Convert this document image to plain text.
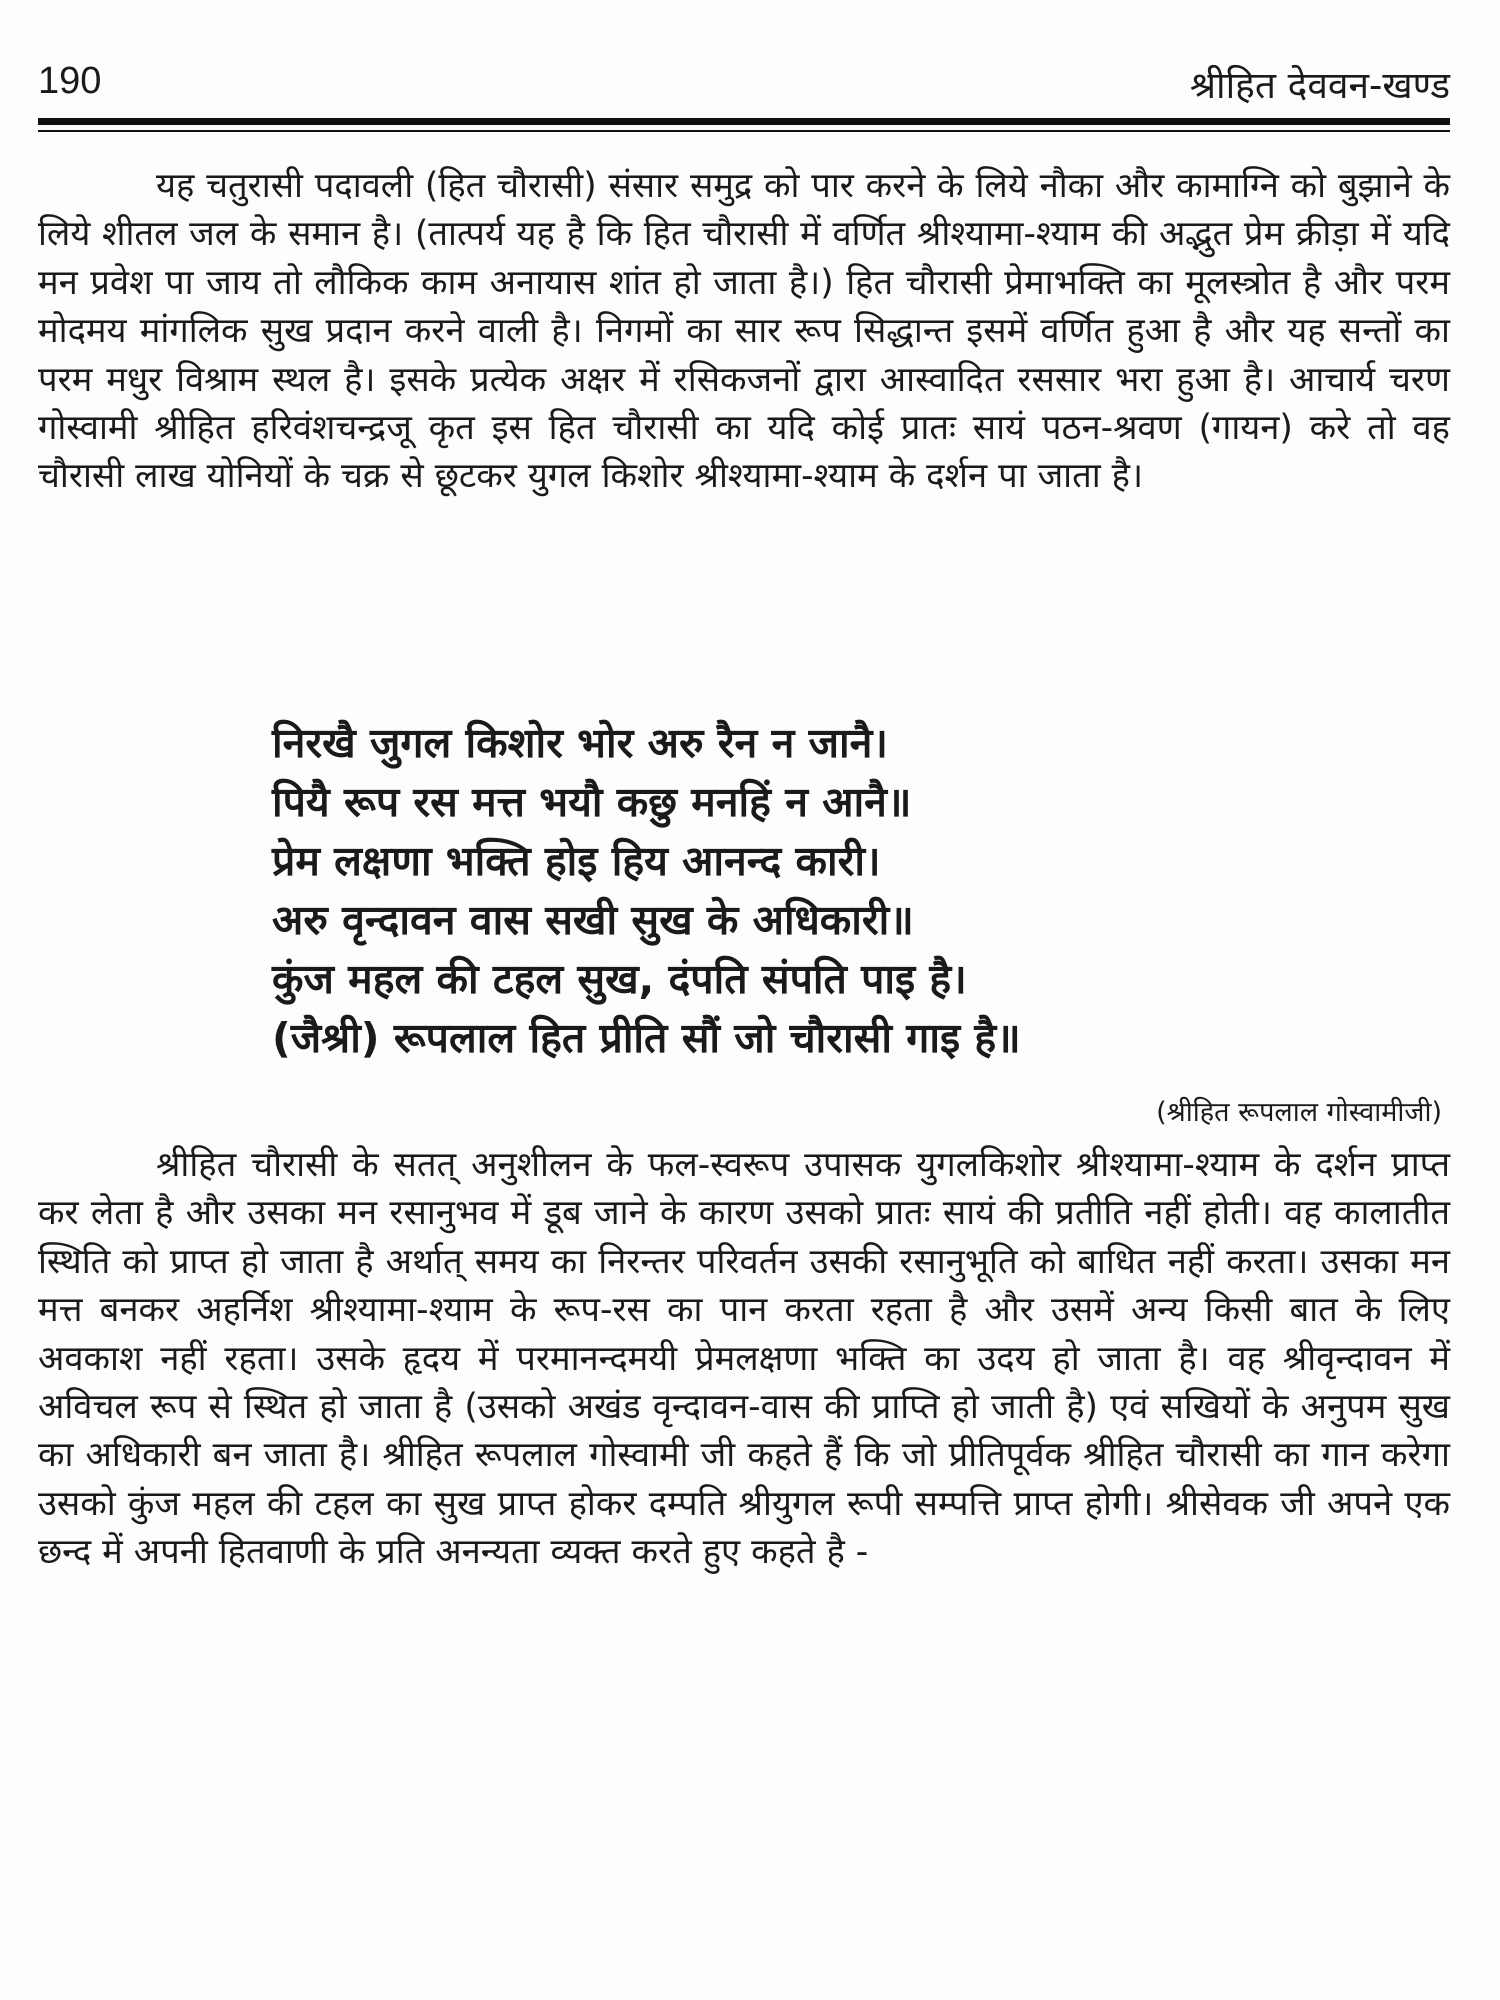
190	श्रीहित देववन-खण्ड

यह चतुरासी पदावली (हित चौरासी) संसार समुद्र को पार करने के लिये नौका और कामाग्नि को बुझाने के लिये शीतल जल के समान है। (तात्पर्य यह है कि हित चौरासी में वर्णित श्रीश्यामा-श्याम की अद्भुत प्रेम क्रीड़ा में यदि मन प्रवेश पा जाय तो लौकिक काम अनायास शांत हो जाता है।) हित चौरासी प्रेमाभक्ति का मूलस्त्रोत है और परम मोदमय मांगलिक सुख प्रदान करने वाली है। निगमों का सार रूप सिद्धान्त इसमें वर्णित हुआ है और यह सन्तों का परम मधुर विश्राम स्थल है। इसके प्रत्येक अक्षर में रसिकजनों द्वारा आस्वादित रससार भरा हुआ है। आचार्य चरण गोस्वामी श्रीहित हरिवंशचन्द्रजू कृत इस हित चौरासी का यदि कोई प्रातः सायं पठन-श्रवण (गायन) करे तो वह चौरासी लाख योनियों के चक्र से छूटकर युगल किशोर श्रीश्यामा-श्याम के दर्शन पा जाता है।

निरखै जुगल किशोर भोर अरु रैन न जानै।
पियै रूप रस मत्त भयौ कछु मनहिं न आनै॥
प्रेम लक्षणा भक्ति होइ हिय आनन्द कारी।
अरु वृन्दावन वास सखी सुख के अधिकारी॥
कुंज महल की टहल सुख, दंपति संपति पाइ है।
(जैश्री) रूपलाल हित प्रीति सौं जो चौरासी गाइ है॥
(श्रीहित रूपलाल गोस्वामीजी)

श्रीहित चौरासी के सतत् अनुशीलन के फल-स्वरूप उपासक युगलकिशोर श्रीश्यामा-श्याम के दर्शन प्राप्त कर लेता है और उसका मन रसानुभव में डूब जाने के कारण उसको प्रातः सायं की प्रतीति नहीं होती। वह कालातीत स्थिति को प्राप्त हो जाता है अर्थात् समय का निरन्तर परिवर्तन उसकी रसानुभूति को बाधित नहीं करता। उसका मन मत्त बनकर अहर्निश श्रीश्यामा-श्याम के रूप-रस का पान करता रहता है और उसमें अन्य किसी बात के लिए अवकाश नहीं रहता। उसके हृदय में परमानन्दमयी प्रेमलक्षणा भक्ति का उदय हो जाता है। वह श्रीवृन्दावन में अविचल रूप से स्थित हो जाता है (उसको अखंड वृन्दावन-वास की प्राप्ति हो जाती है) एवं सखियों के अनुपम सुख का अधिकारी बन जाता है। श्रीहित रूपलाल गोस्वामी जी कहते हैं कि जो प्रीतिपूर्वक श्रीहित चौरासी का गान करेगा उसको कुंज महल की टहल का सुख प्राप्त होकर दम्पति श्रीयुगल रूपी सम्पत्ति प्राप्त होगी। श्रीसेवक जी अपने एक छन्द में अपनी हितवाणी के प्रति अनन्यता व्यक्त करते हुए कहते है -
